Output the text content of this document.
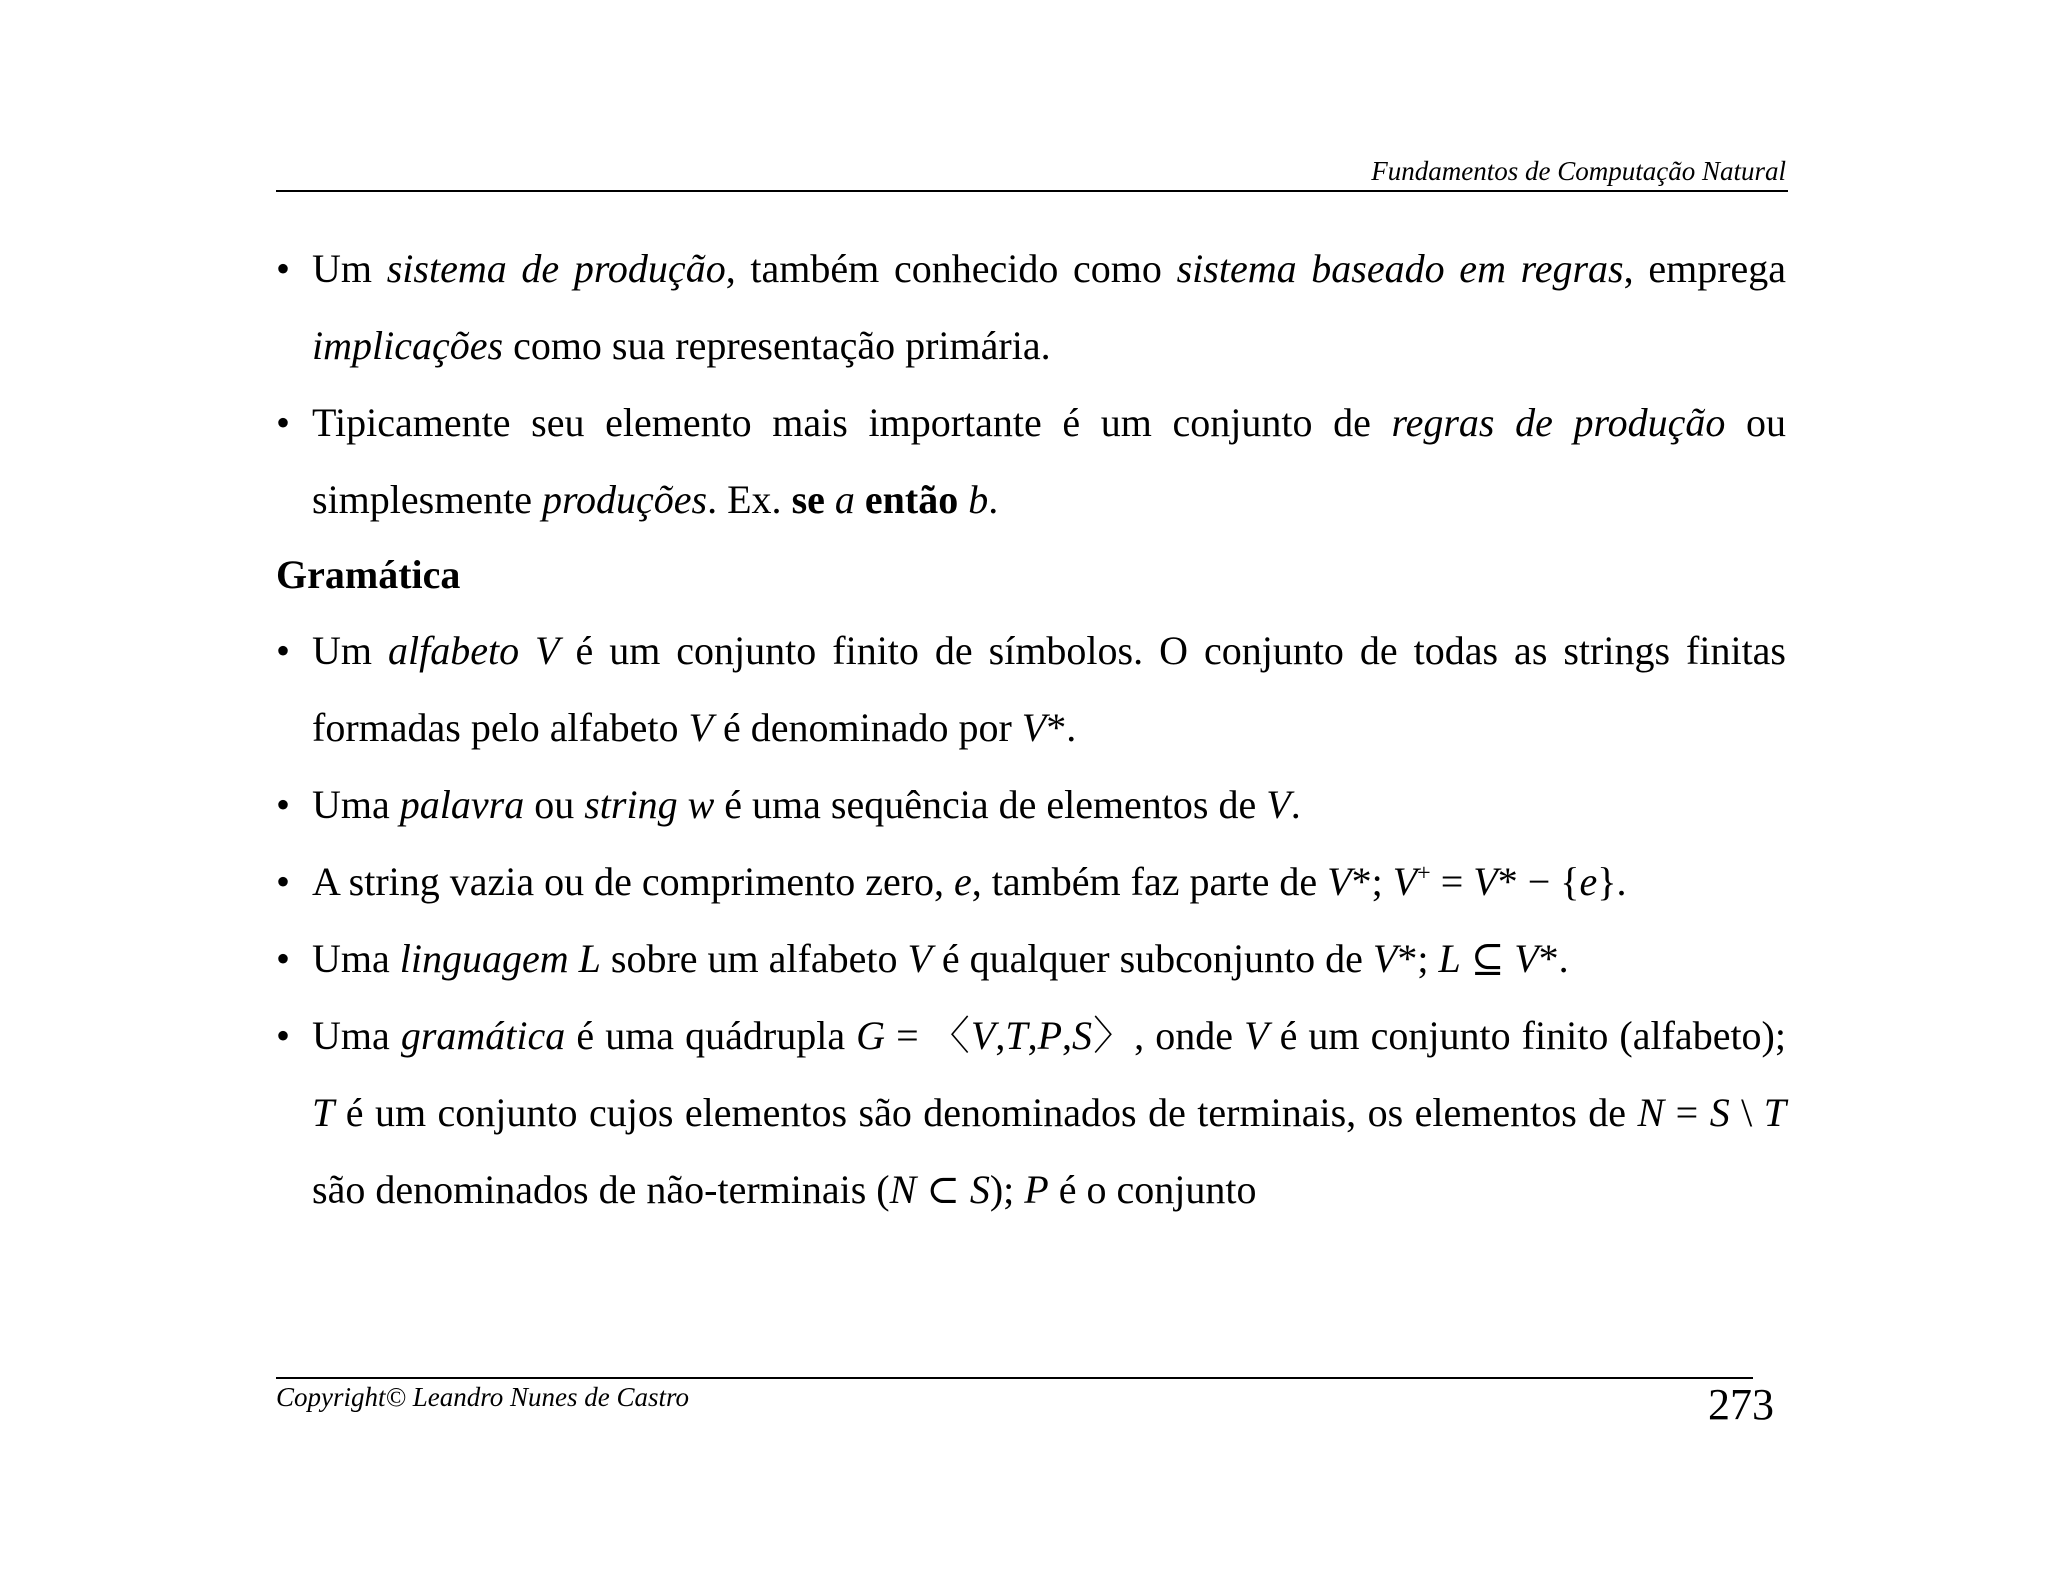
Fundamentos de Computação Natural
• Um sistema de produção, também conhecido como sistema baseado em regras, emprega implicações como sua representação primária.
• Tipicamente seu elemento mais importante é um conjunto de regras de produção ou simplesmente produções. Ex. se a então b.
Gramática
• Um alfabeto V é um conjunto finito de símbolos. O conjunto de todas as strings finitas formadas pelo alfabeto V é denominado por V*.
• Uma palavra ou string w é uma sequência de elementos de V.
• A string vazia ou de comprimento zero, e, também faz parte de V*; V+ = V* − {e}.
• Uma linguagem L sobre um alfabeto V é qualquer subconjunto de V*; L ⊆ V*.
• Uma gramática é uma quádrupla G = 〈V,T,P,S〉, onde V é um conjunto finito (alfabeto); T é um conjunto cujos elementos são denominados de terminais, os elementos de N = S \ T são denominados de não-terminais (N ⊂ S); P é o conjunto
Copyright© Leandro Nunes de Castro	273
